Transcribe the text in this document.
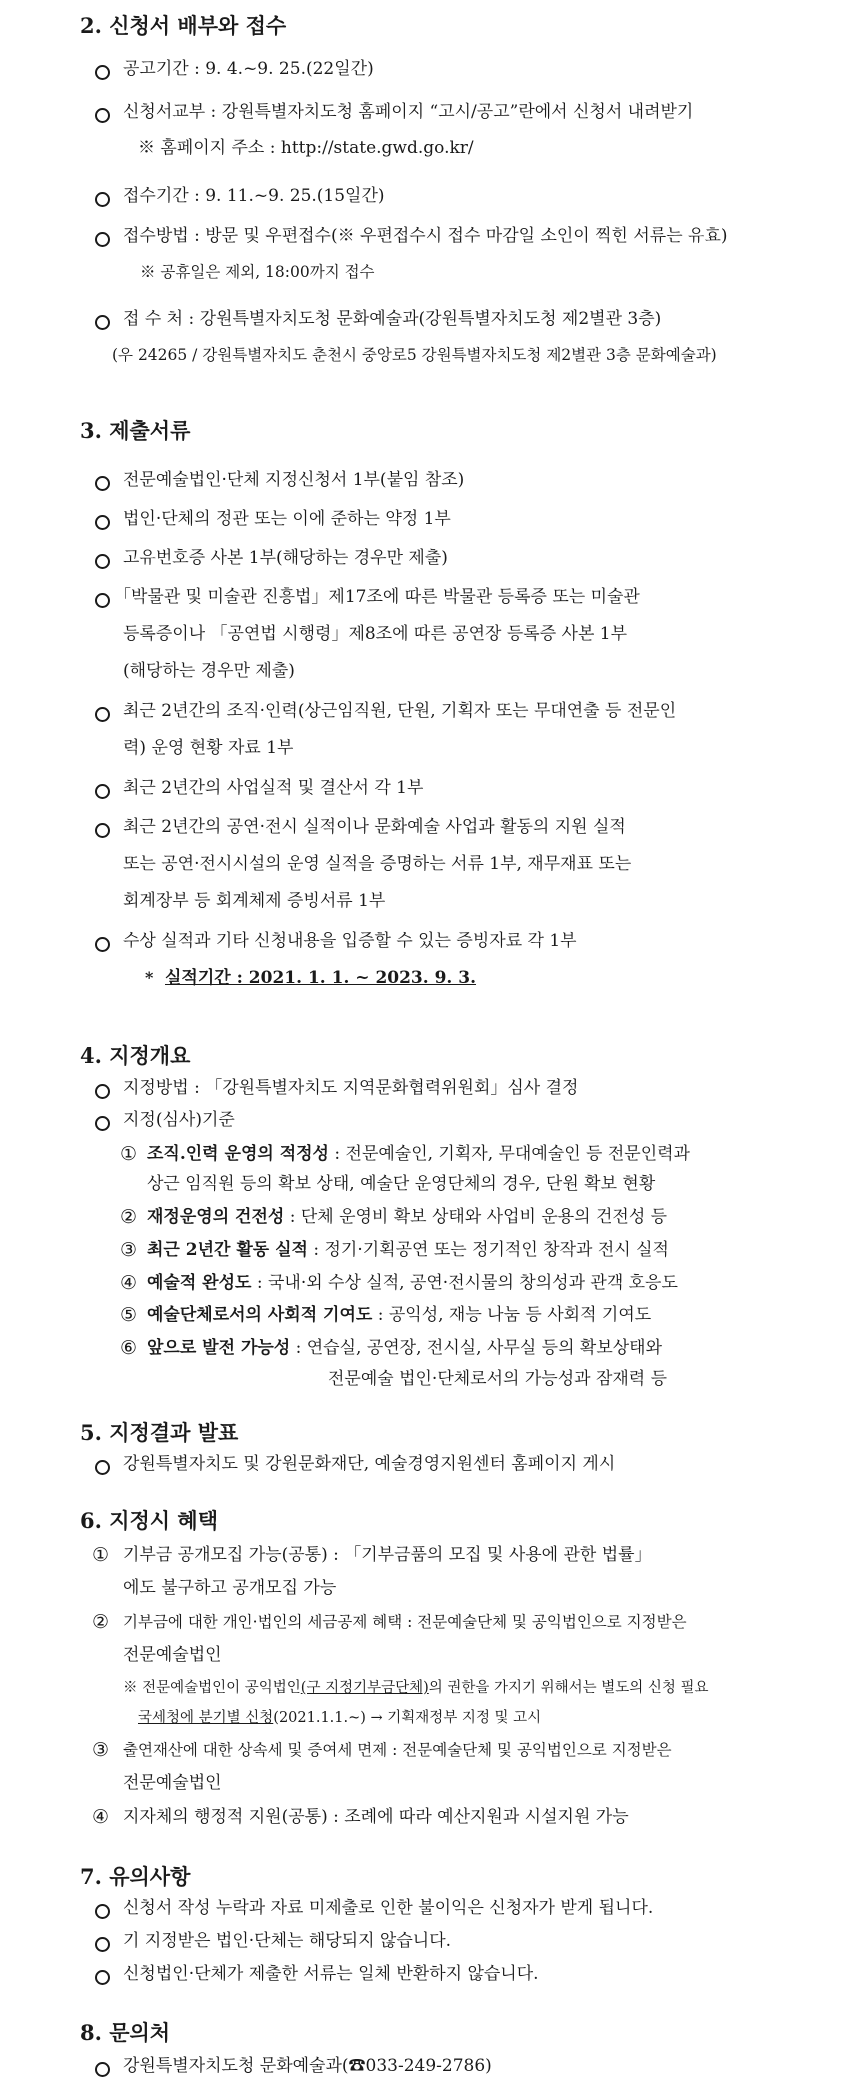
2. 신청서 배부와 접수
공고기간 : 9. 4.~9. 25.(22일간)
신청서교부 : 강원특별자치도청 홈페이지 “고시/공고”란에서 신청서 내려받기
※ 홈페이지 주소 : http://state.gwd.go.kr/
접수기간 : 9. 11.~9. 25.(15일간)
접수방법 : 방문 및 우편접수(※ 우편접수시 접수 마감일 소인이 찍힌 서류는 유효)
※ 공휴일은 제외, 18:00까지 접수
접 수 처 : 강원특별자치도청 문화예술과(강원특별자치도청 제2별관 3층)
(우 24265 / 강원특별자치도 춘천시 중앙로5 강원특별자치도청 제2별관 3층 문화예술과)
3. 제출서류
전문예술법인·단체 지정신청서 1부(붙임 참조)
법인·단체의 정관 또는 이에 준하는 약정 1부
고유번호증 사본 1부(해당하는 경우만 제출)
「박물관 및 미술관 진흥법」제17조에 따른 박물관 등록증 또는 미술관
등록증이나 「공연법 시행령」제8조에 따른 공연장 등록증 사본 1부
(해당하는 경우만 제출)
최근 2년간의 조직·인력(상근임직원, 단원, 기획자 또는 무대연출 등 전문인
력) 운영 현황 자료 1부
최근 2년간의 사업실적 및 결산서 각 1부
최근 2년간의 공연·전시 실적이나 문화예술 사업과 활동의 지원 실적
또는 공연·전시시설의 운영 실적을 증명하는 서류 1부, 재무재표 또는
회계장부 등 회계체제 증빙서류 1부
수상 실적과 기타 신청내용을 입증할 수 있는 증빙자료 각 1부
* 실적기간 : 2021. 1. 1. ~ 2023. 9. 3.
4. 지정개요
지정방법 : 「강원특별자치도 지역문화협력위원회」심사 결정
지정(심사)기준
① 조직.인력 운영의 적정성 : 전문예술인, 기획자, 무대예술인 등 전문인력과
상근 임직원 등의 확보 상태, 예술단 운영단체의 경우, 단원 확보 현황
② 재정운영의 건전성 : 단체 운영비 확보 상태와 사업비 운용의 건전성 등
③ 최근 2년간 활동 실적 : 정기·기획공연 또는 정기적인 창작과 전시 실적
④ 예술적 완성도 : 국내·외 수상 실적, 공연·전시물의 창의성과 관객 호응도
⑤ 예술단체로서의 사회적 기여도 : 공익성, 재능 나눔 등 사회적 기여도
⑥ 앞으로 발전 가능성 : 연습실, 공연장, 전시실, 사무실 등의 확보상태와
전문예술 법인·단체로서의 가능성과 잠재력 등
5. 지정결과 발표
강원특별자치도 및 강원문화재단, 예술경영지원센터 홈페이지 게시
6. 지정시 혜택
① 기부금 공개모집 가능(공통) : 「기부금품의 모집 및 사용에 관한 법률」
에도 불구하고 공개모집 가능
② 기부금에 대한 개인·법인의 세금공제 혜택 : 전문예술단체 및 공익법인으로 지정받은
전문예술법인
※ 전문예술법인이 공익법인(구 지정기부금단체)의 권한을 가지기 위해서는 별도의 신청 필요
국세청에 분기별 신청(2021.1.1.~) → 기획재정부 지정 및 고시
③ 출연재산에 대한 상속세 및 증여세 면제 : 전문예술단체 및 공익법인으로 지정받은
전문예술법인
④ 지자체의 행정적 지원(공통) : 조례에 따라 예산지원과 시설지원 가능
7. 유의사항
신청서 작성 누락과 자료 미제출로 인한 불이익은 신청자가 받게 됩니다.
기 지정받은 법인·단체는 해당되지 않습니다.
신청법인·단체가 제출한 서류는 일체 반환하지 않습니다.
8. 문의처
강원특별자치도청 문화예술과(☎033-249-2786)
